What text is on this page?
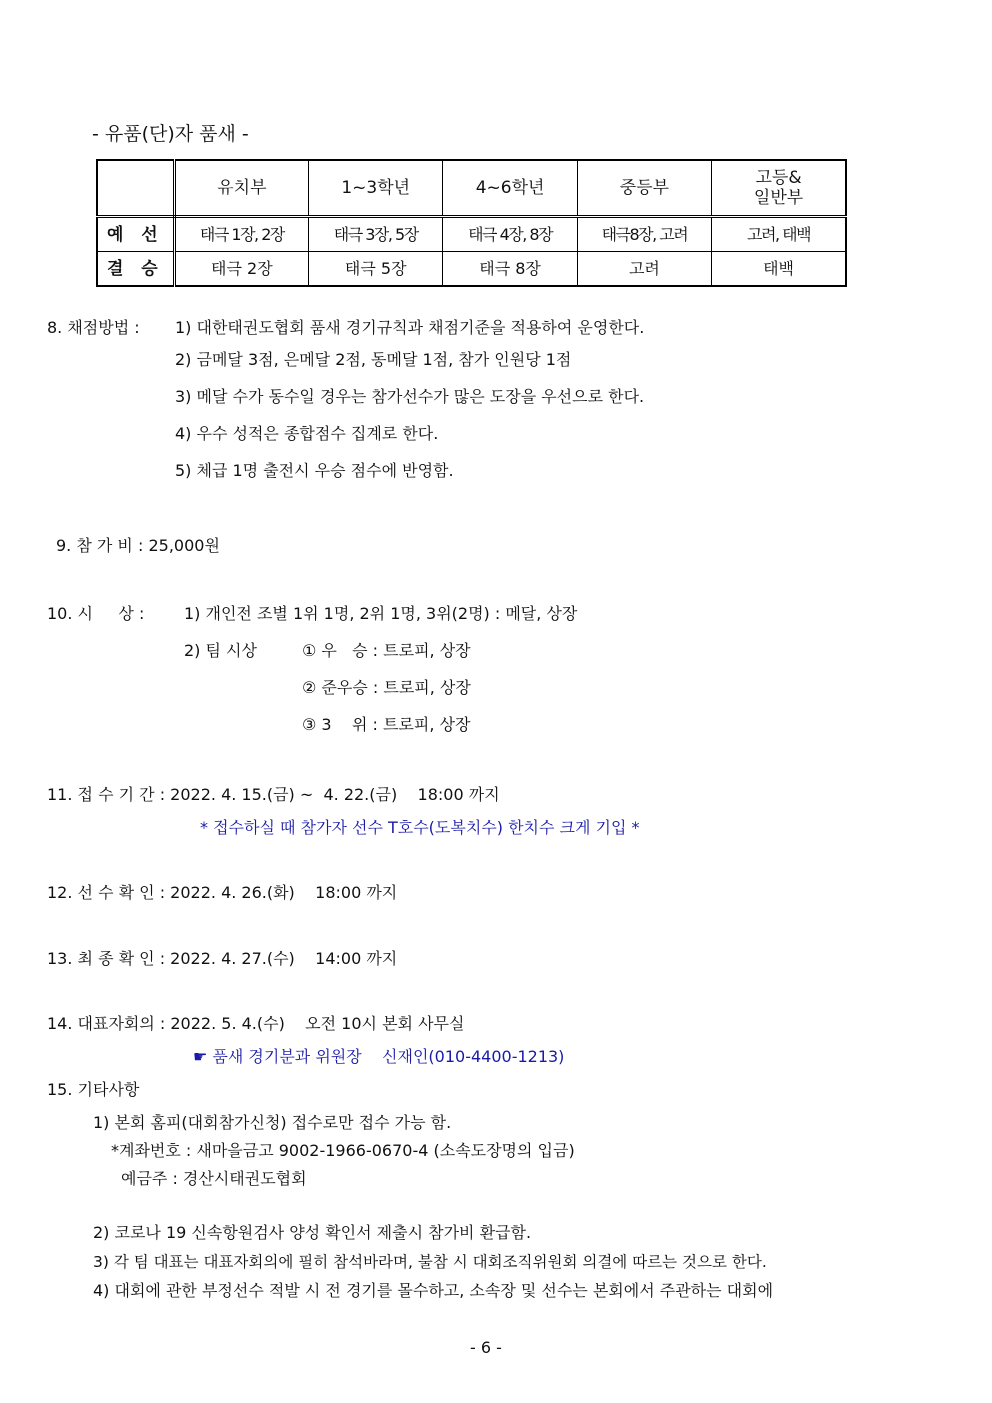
- 유품(단)자 품새 -
	유치부	1~3학년	4~6학년	중등부	고등&
일반부

예 선	태극 1장, 2장	태극 3장, 5장	태극 4장, 8장	태극8장, 고려	고려, 태백
결 승	태극 2장	태극 5장	태극 8장	고려	태백
8. 채점방법 : 1) 대한태권도협회 품새 경기규칙과 채점기준을 적용하여 운영한다.
2) 금메달 3점, 은메달 2점, 동메달 1점, 참가 인원당 1점
3) 메달 수가 동수일 경우는 참가선수가 많은 도장을 우선으로 한다.
4) 우수 성적은 종합점수 집계로 한다.
5) 체급 1명 출전시 우승 점수에 반영함.
9. 참 가 비 : 25,000원
10. 시     상 : 1) 개인전 조별 1위 1명, 2위 1명, 3위(2명) : 메달, 상장
2) 팀 시상	① 우   승 : 트로피, 상장
② 준우승 : 트로피, 상장
③ 3    위 : 트로피, 상장
11. 접 수 기 간 : 2022. 4. 15.(금) ~  4. 22.(금)    18:00 까지
* 접수하실 때 참가자 선수 T호수(도복치수) 한치수 크게 기입 *
12. 선 수 확 인 : 2022. 4. 26.(화)    18:00 까지
13. 최 종 확 인 : 2022. 4. 27.(수)    14:00 까지
14. 대표자회의 : 2022. 5. 4.(수)    오전 10시 본회 사무실
☛ 품새 경기분과 위원장    신재인(010-4400-1213)
15. 기타사항
1) 본회 홈피(대회참가신청) 접수로만 접수 가능 함.
*계좌번호 : 새마을금고 9002-1966-0670-4 (소속도장명의 입금)
예금주 : 경산시태권도협회
2) 코로나 19 신속항원검사 양성 확인서 제출시 참가비 환급함.
3) 각 팀 대표는 대표자회의에 필히 참석바라며, 불참 시 대회조직위원회 의결에 따르는 것으로 한다.
4) 대회에 관한 부정선수 적발 시 전 경기를 몰수하고, 소속장 및 선수는 본회에서 주관하는 대회에
- 6 -
